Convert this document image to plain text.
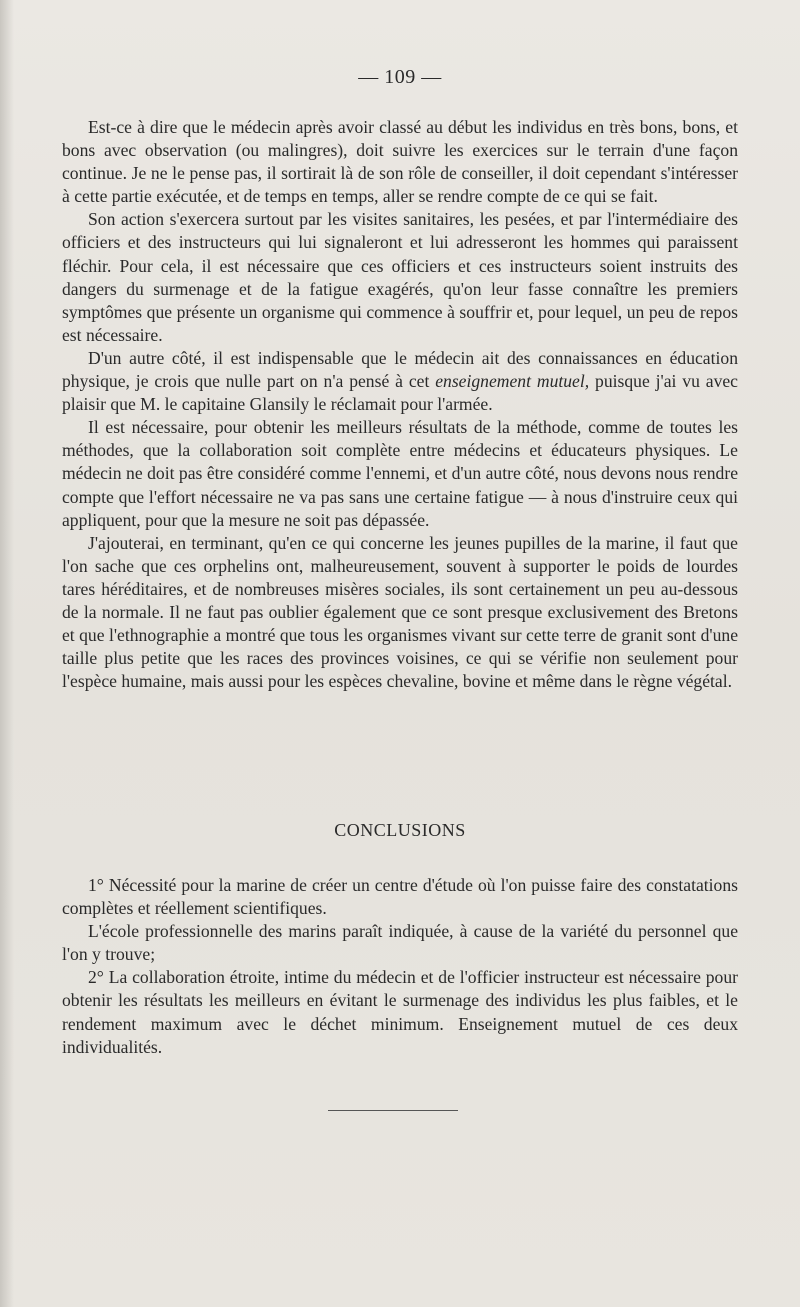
— 109 —

Est-ce à dire que le médecin après avoir classé au début les individus en très bons, bons, et bons avec observation (ou malingres), doit suivre les exercices sur le terrain d'une façon continue. Je ne le pense pas, il sortirait là de son rôle de conseiller, il doit cependant s'intéresser à cette partie exécutée, et de temps en temps, aller se rendre compte de ce qui se fait.

Son action s'exercera surtout par les visites sanitaires, les pesées, et par l'intermédiaire des officiers et des instructeurs qui lui signaleront et lui adresseront les hommes qui paraissent fléchir. Pour cela, il est nécessaire que ces officiers et ces instructeurs soient instruits des dangers du surmenage et de la fatigue exagérés, qu'on leur fasse connaître les premiers symptômes que présente un organisme qui commence à souffrir et, pour lequel, un peu de repos est nécessaire.

D'un autre côté, il est indispensable que le médecin ait des connaissances en éducation physique, je crois que nulle part on n'a pensé à cet enseignement mutuel, puisque j'ai vu avec plaisir que M. le capitaine Glansily le réclamait pour l'armée.

Il est nécessaire, pour obtenir les meilleurs résultats de la méthode, comme de toutes les méthodes, que la collaboration soit complète entre médecins et éducateurs physiques. Le médecin ne doit pas être considéré comme l'ennemi, et d'un autre côté, nous devons nous rendre compte que l'effort nécessaire ne va pas sans une certaine fatigue — à nous d'instruire ceux qui appliquent, pour que la mesure ne soit pas dépassée.

J'ajouterai, en terminant, qu'en ce qui concerne les jeunes pupilles de la marine, il faut que l'on sache que ces orphelins ont, malheureusement, souvent à supporter le poids de lourdes tares héréditaires, et de nombreuses misères sociales, ils sont certainement un peu au-dessous de la normale. Il ne faut pas oublier également que ce sont presque exclusivement des Bretons et que l'ethnographie a montré que tous les organismes vivant sur cette terre de granit sont d'une taille plus petite que les races des provinces voisines, ce qui se vérifie non seulement pour l'espèce humaine, mais aussi pour les espèces chevaline, bovine et même dans le règne végétal.

CONCLUSIONS

1° Nécessité pour la marine de créer un centre d'étude où l'on puisse faire des constatations complètes et réellement scientifiques.

L'école professionnelle des marins paraît indiquée, à cause de la variété du personnel que l'on y trouve;

2° La collaboration étroite, intime du médecin et de l'officier instructeur est nécessaire pour obtenir les résultats les meilleurs en évitant le surmenage des individus les plus faibles, et le rendement maximum avec le déchet minimum. Enseignement mutuel de ces deux individualités.
